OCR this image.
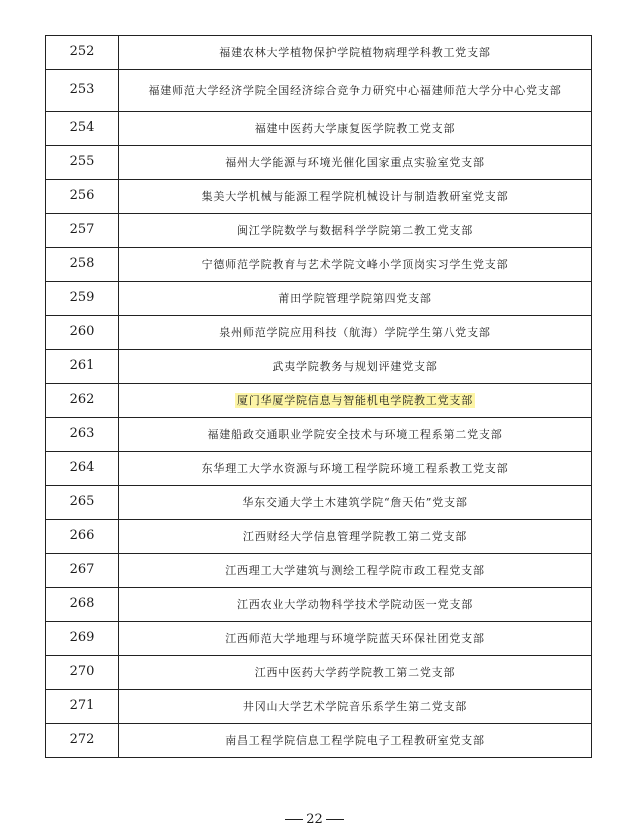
252	福建农林大学植物保护学院植物病理学科教工党支部
253	福建师范大学经济学院全国经济综合竞争力研究中心福建师范大学分中心党支部
254	福建中医药大学康复医学院教工党支部
255	福州大学能源与环境光催化国家重点实验室党支部
256	集美大学机械与能源工程学院机械设计与制造教研室党支部
257	闽江学院数学与数据科学学院第二教工党支部
258	宁德师范学院教育与艺术学院文峰小学顶岗实习学生党支部
259	莆田学院管理学院第四党支部
260	泉州师范学院应用科技（航海）学院学生第八党支部
261	武夷学院教务与规划评建党支部
262	厦门华厦学院信息与智能机电学院教工党支部
263	福建船政交通职业学院安全技术与环境工程系第二党支部
264	东华理工大学水资源与环境工程学院环境工程系教工党支部
265	华东交通大学土木建筑学院“詹天佑”党支部
266	江西财经大学信息管理学院教工第二党支部
267	江西理工大学建筑与测绘工程学院市政工程党支部
268	江西农业大学动物科学技术学院动医一党支部
269	江西师范大学地理与环境学院蓝天环保社团党支部
270	江西中医药大学药学院教工第二党支部
271	井冈山大学艺术学院音乐系学生第二党支部
272	南昌工程学院信息工程学院电子工程教研室党支部
22
